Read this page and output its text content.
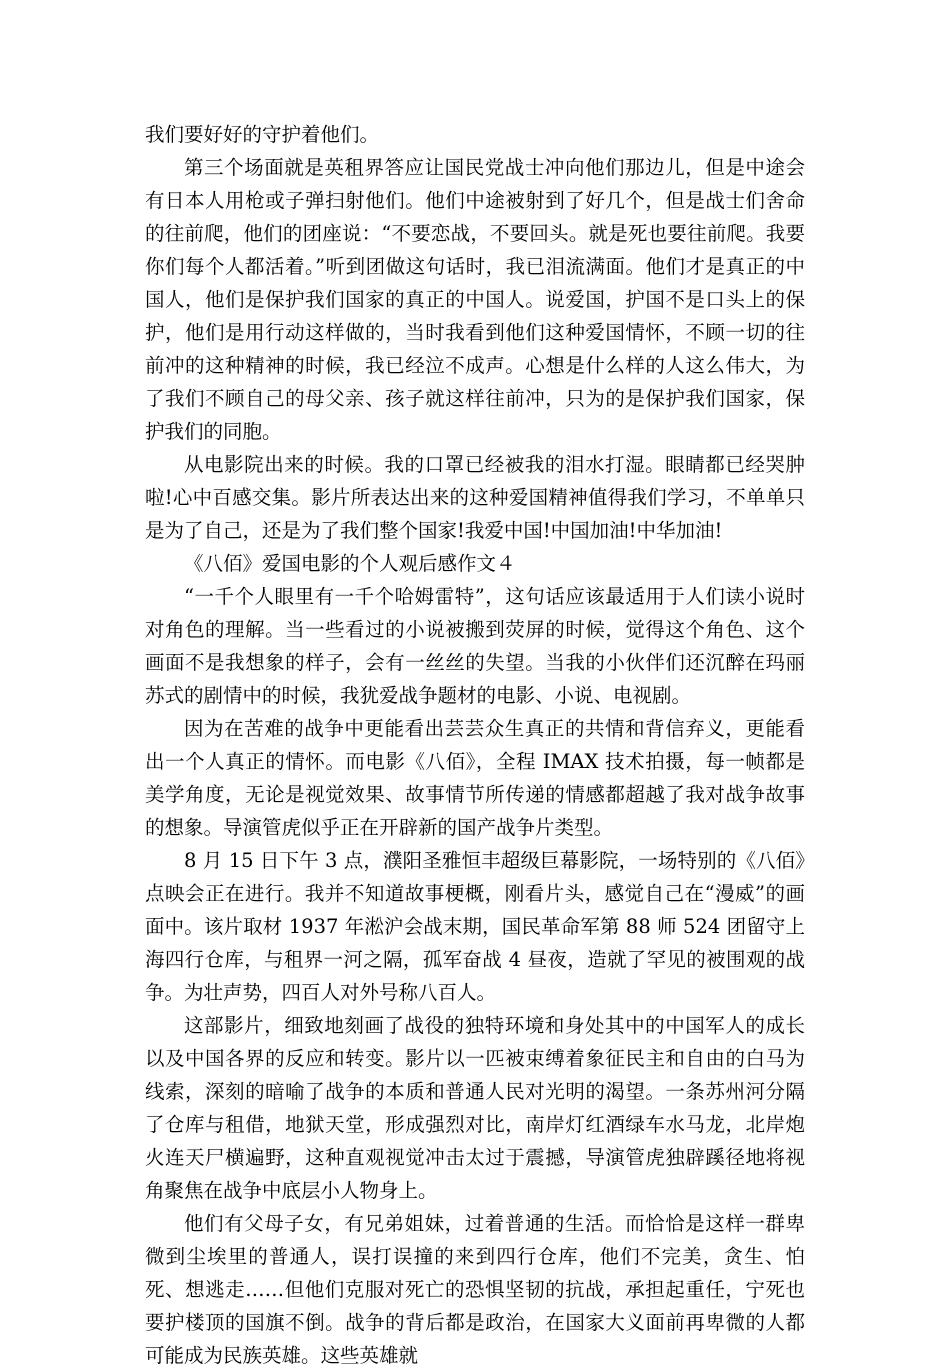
我们要好好的守护着他们。

第三个场面就是英租界答应让国民党战士冲向他们那边儿，但是中途会有日本人用枪或子弹扫射他们。他们中途被射到了好几个，但是战士们舍命的往前爬，他们的团座说：“不要恋战，不要回头。就是死也要往前爬。我要你们每个人都活着。”听到团做这句话时，我已泪流满面。他们才是真正的中国人，他们是保护我们国家的真正的中国人。说爱国，护国不是口头上的保护，他们是用行动这样做的，当时我看到他们这种爱国情怀，不顾一切的往前冲的这种精神的时候，我已经泣不成声。心想是什么样的人这么伟大，为了我们不顾自己的母父亲、孩子就这样往前冲，只为的是保护我们国家，保护我们的同胞。

从电影院出来的时候。我的口罩已经被我的泪水打湿。眼睛都已经哭肿啦!心中百感交集。影片所表达出来的这种爱国精神值得我们学习，不单单只是为了自己，还是为了我们整个国家!我爱中国!中国加油!中华加油!

《八佰》爱国电影的个人观后感作文４

“一千个人眼里有一千个哈姆雷特”，这句话应该最适用于人们读小说时对角色的理解。当一些看过的小说被搬到荧屏的时候，觉得这个角色、这个画面不是我想象的样子，会有一丝丝的失望。当我的小伙伴们还沉醉在玛丽苏式的剧情中的时候，我犹爱战争题材的电影、小说、电视剧。

因为在苦难的战争中更能看出芸芸众生真正的共情和背信弃义，更能看出一个人真正的情怀。而电影《八佰》，全程 IMAX 技术拍摄，每一帧都是美学角度，无论是视觉效果、故事情节所传递的情感都超越了我对战争故事的想象。导演管虎似乎正在开辟新的国产战争片类型。

8 月 15 日下午 3 点，濮阳圣雅恒丰超级巨幕影院，一场特别的《八佰》点映会正在进行。我并不知道故事梗概，刚看片头，感觉自己在“漫威”的画面中。该片取材 1937 年淞沪会战末期，国民革命军第 88 师 524 团留守上海四行仓库，与租界一河之隔，孤军奋战 4 昼夜，造就了罕见的被围观的战争。为壮声势，四百人对外号称八百人。

这部影片，细致地刻画了战役的独特环境和身处其中的中国军人的成长以及中国各界的反应和转变。影片以一匹被束缚着象征民主和自由的白马为线索，深刻的暗喻了战争的本质和普通人民对光明的渴望。一条苏州河分隔了仓库与租借，地狱天堂，形成强烈对比，南岸灯红酒绿车水马龙，北岸炮火连天尸横遍野，这种直观视觉冲击太过于震撼，导演管虎独辟蹊径地将视角聚焦在战争中底层小人物身上。

他们有父母子女，有兄弟姐妹，过着普通的生活。而恰恰是这样一群卑微到尘埃里的普通人，误打误撞的来到四行仓库，他们不完美，贪生、怕死、想逃走……但他们克服对死亡的恐惧坚韧的抗战，承担起重任，宁死也要护楼顶的国旗不倒。战争的背后都是政治，在国家大义面前再卑微的人都可能成为民族英雄。这些英雄就
